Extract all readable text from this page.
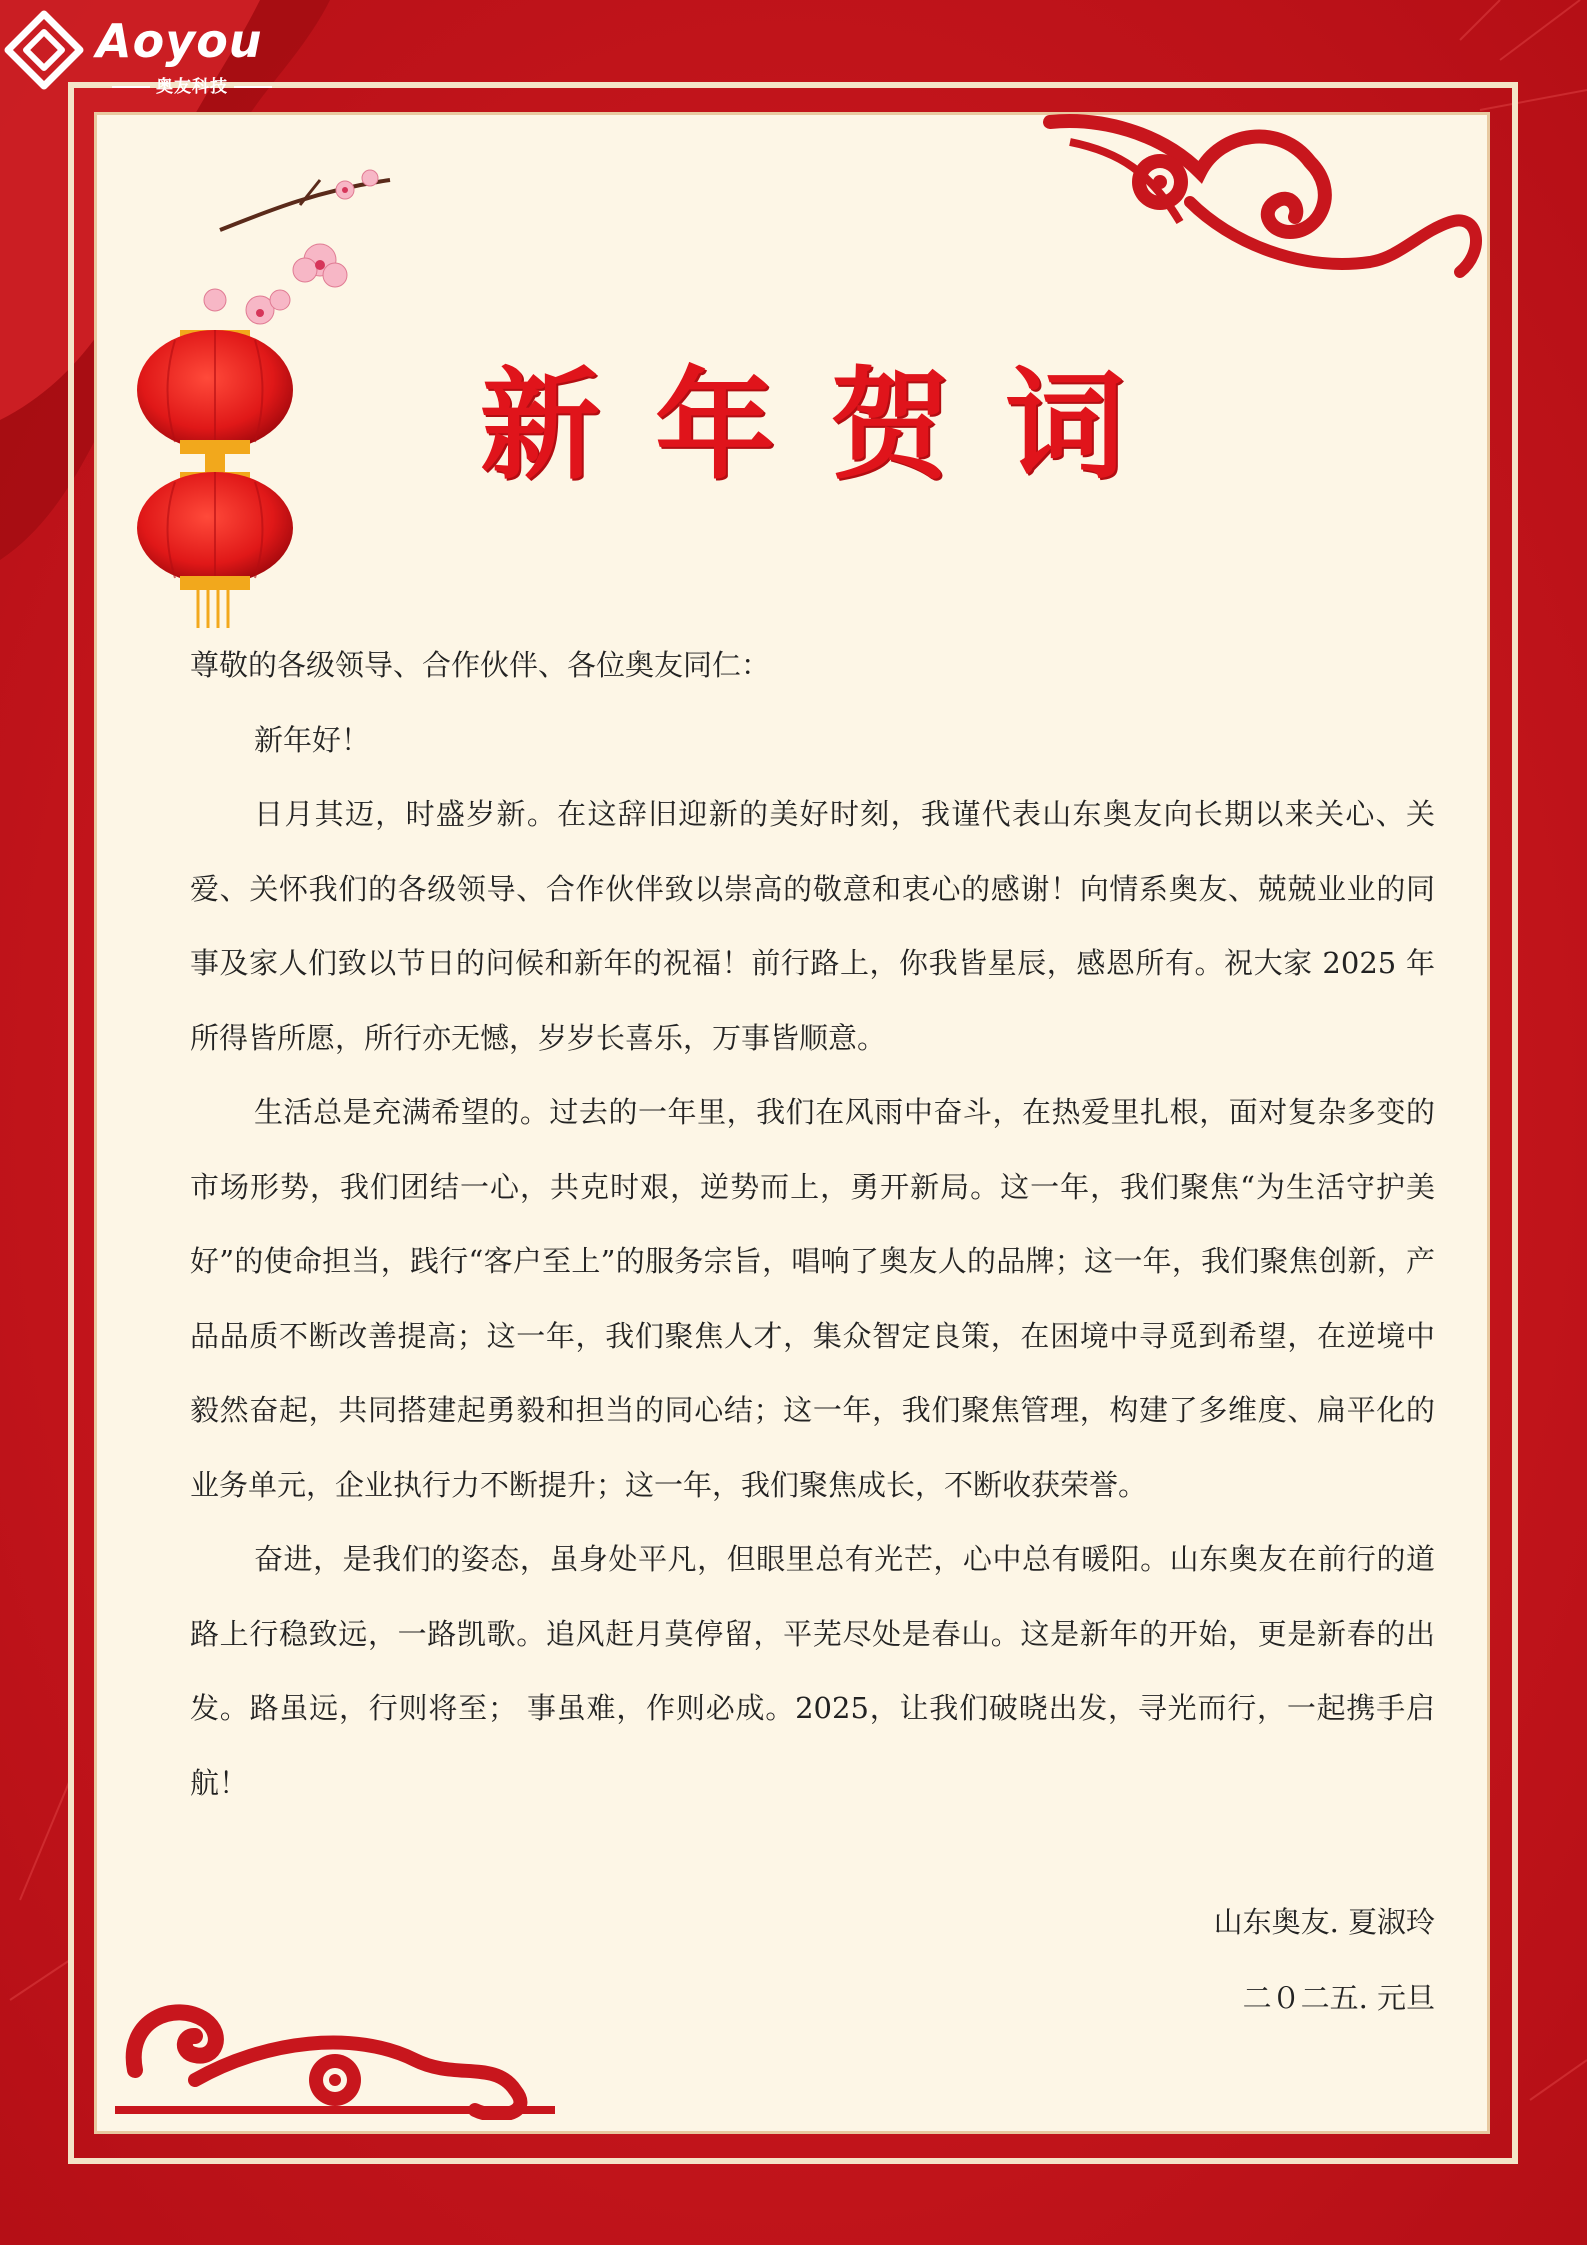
Aoyou
奥友科技
新年贺词

尊敬的各级领导、合作伙伴、各位奥友同仁：

新年好！

日月其迈，时盛岁新。在这辞旧迎新的美好时刻，我谨代表山东奥友向长期以来关心、关爱、关怀我们的各级领导、合作伙伴致以崇高的敬意和衷心的感谢！向情系奥友、兢兢业业的同事及家人们致以节日的问候和新年的祝福！前行路上，你我皆星辰，感恩所有。祝大家 2025 年所得皆所愿，所行亦无憾，岁岁长喜乐，万事皆顺意。

生活总是充满希望的。过去的一年里，我们在风雨中奋斗，在热爱里扎根，面对复杂多变的市场形势，我们团结一心，共克时艰，逆势而上，勇开新局。这一年，我们聚焦“为生活守护美好”的使命担当，践行“客户至上”的服务宗旨，唱响了奥友人的品牌；这一年，我们聚焦创新，产品品质不断改善提高；这一年，我们聚焦人才，集众智定良策，在困境中寻觅到希望，在逆境中毅然奋起，共同搭建起勇毅和担当的同心结；这一年，我们聚焦管理，构建了多维度、扁平化的业务单元，企业执行力不断提升；这一年，我们聚焦成长，不断收获荣誉。

奋进，是我们的姿态，虽身处平凡，但眼里总有光芒，心中总有暖阳。山东奥友在前行的道路上行稳致远，一路凯歌。追风赶月莫停留，平芜尽处是春山。这是新年的开始，更是新春的出发。路虽远，行则将至； 事虽难，作则必成。2025，让我们破晓出发，寻光而行，一起携手启航！

山东奥友. 夏淑玲
二０二五. 元旦
